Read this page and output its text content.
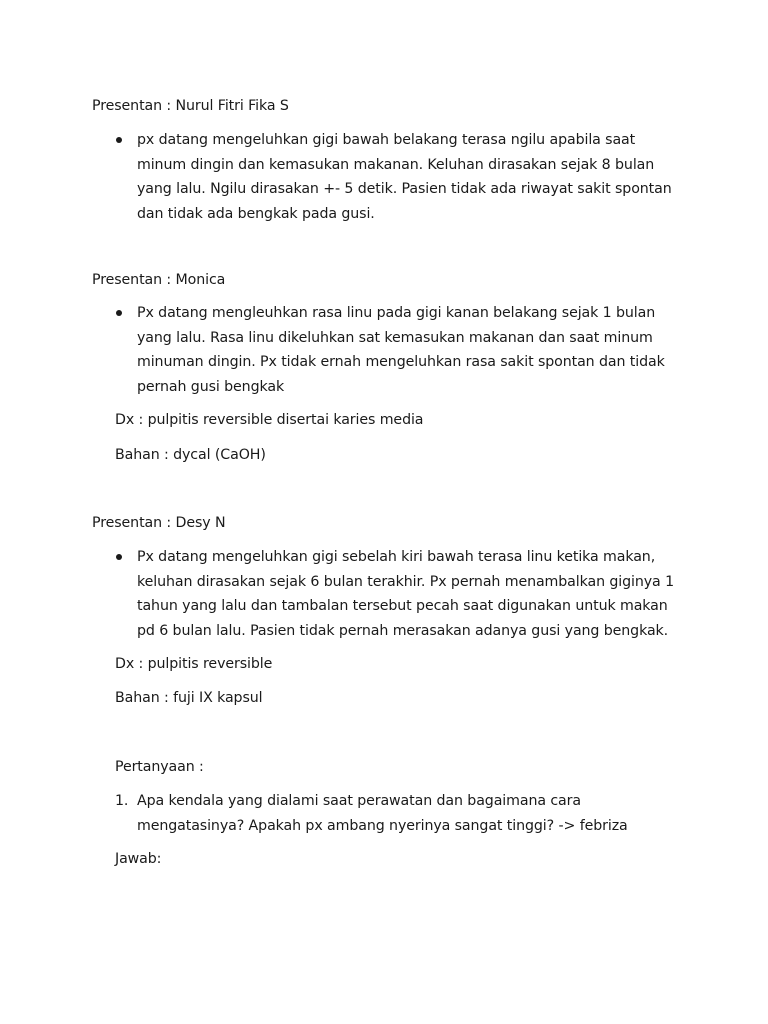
Presentan : Nurul Fitri Fika S
px datang mengeluhkan gigi bawah belakang terasa ngilu apabila saat
minum dingin dan kemasukan makanan. Keluhan dirasakan sejak 8 bulan
yang lalu. Ngilu dirasakan +- 5 detik. Pasien tidak ada riwayat sakit spontan
dan tidak ada bengkak pada gusi.
Presentan : Monica
Px datang mengleuhkan rasa linu pada gigi kanan belakang sejak 1 bulan
yang lalu. Rasa linu dikeluhkan sat kemasukan makanan dan saat minum
minuman dingin. Px tidak ernah mengeluhkan rasa sakit spontan dan tidak
pernah gusi bengkak
Dx : pulpitis reversible disertai karies media
Bahan : dycal (CaOH)
Presentan : Desy N
Px datang mengeluhkan gigi sebelah kiri bawah terasa linu ketika makan,
keluhan dirasakan sejak 6 bulan terakhir. Px pernah menambalkan giginya 1
tahun yang lalu dan tambalan tersebut pecah saat digunakan untuk makan
pd 6 bulan lalu. Pasien tidak pernah merasakan adanya gusi yang bengkak.
Dx : pulpitis reversible
Bahan : fuji IX kapsul
Pertanyaan :
1. Apa kendala yang dialami saat perawatan dan bagaimana cara
mengatasinya? Apakah px ambang nyerinya sangat tinggi? -> febriza
Jawab:
